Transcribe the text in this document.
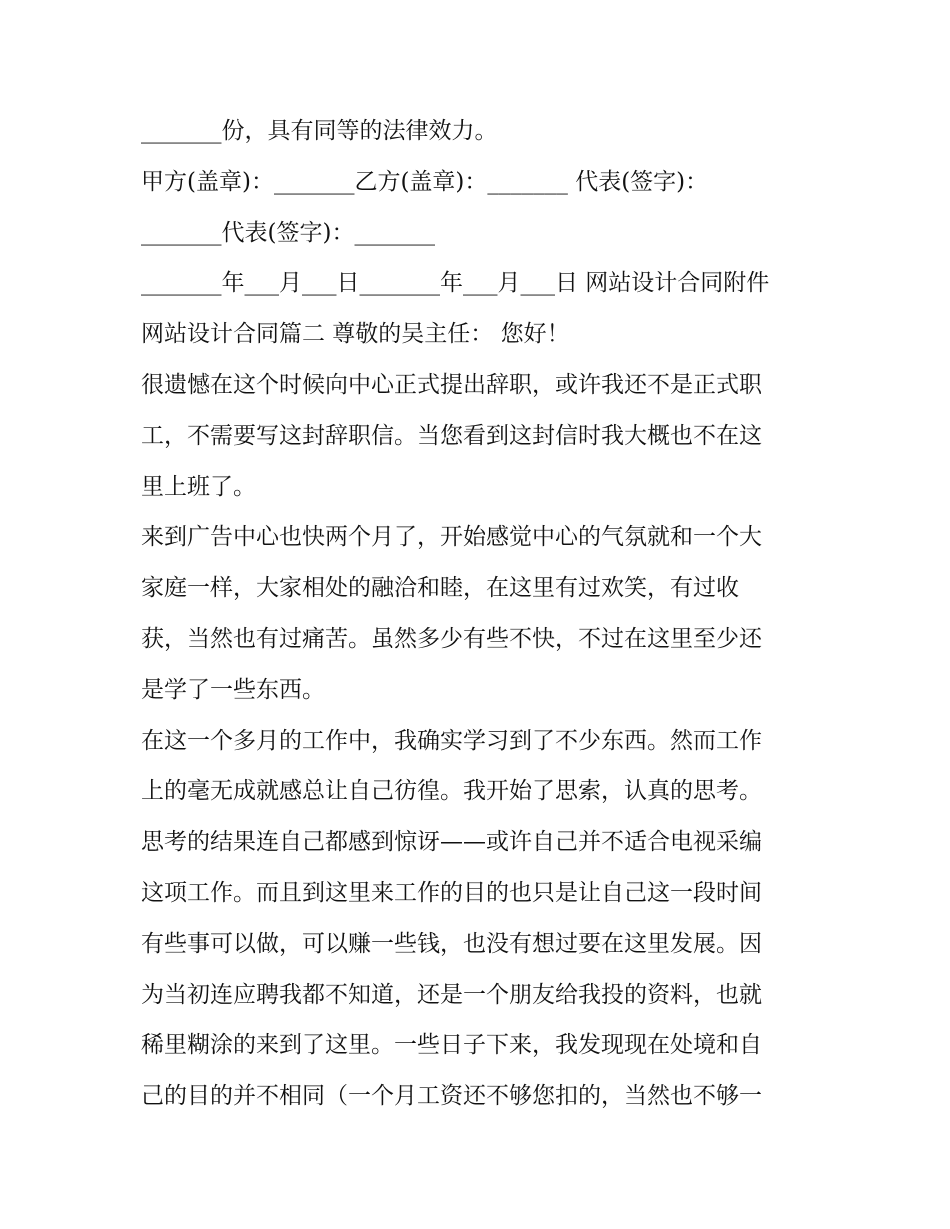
_______份，具有同等的法律效力。
甲方(盖章)：_______乙方(盖章)：_______ 代表(签字)：
_______代表(签字)：_______
_______年___月___日_______年___月___日 网站设计合同附件
网站设计合同篇二 尊敬的吴主任： 您好！
很遗憾在这个时候向中心正式提出辞职，或许我还不是正式职
工，不需要写这封辞职信。当您看到这封信时我大概也不在这
里上班了。
来到广告中心也快两个月了，开始感觉中心的气氛就和一个大
家庭一样，大家相处的融洽和睦，在这里有过欢笑，有过收
获，当然也有过痛苦。虽然多少有些不快，不过在这里至少还
是学了一些东西。
在这一个多月的工作中，我确实学习到了不少东西。然而工作
上的毫无成就感总让自己彷徨。我开始了思索，认真的思考。
思考的结果连自己都感到惊讶——或许自己并不适合电视采编
这项工作。而且到这里来工作的目的也只是让自己这一段时间
有些事可以做，可以赚一些钱，也没有想过要在这里发展。因
为当初连应聘我都不知道，还是一个朋友给我投的资料，也就
稀里糊涂的来到了这里。一些日子下来，我发现现在处境和自
己的目的并不相同（一个月工资还不够您扣的，当然也不够一
